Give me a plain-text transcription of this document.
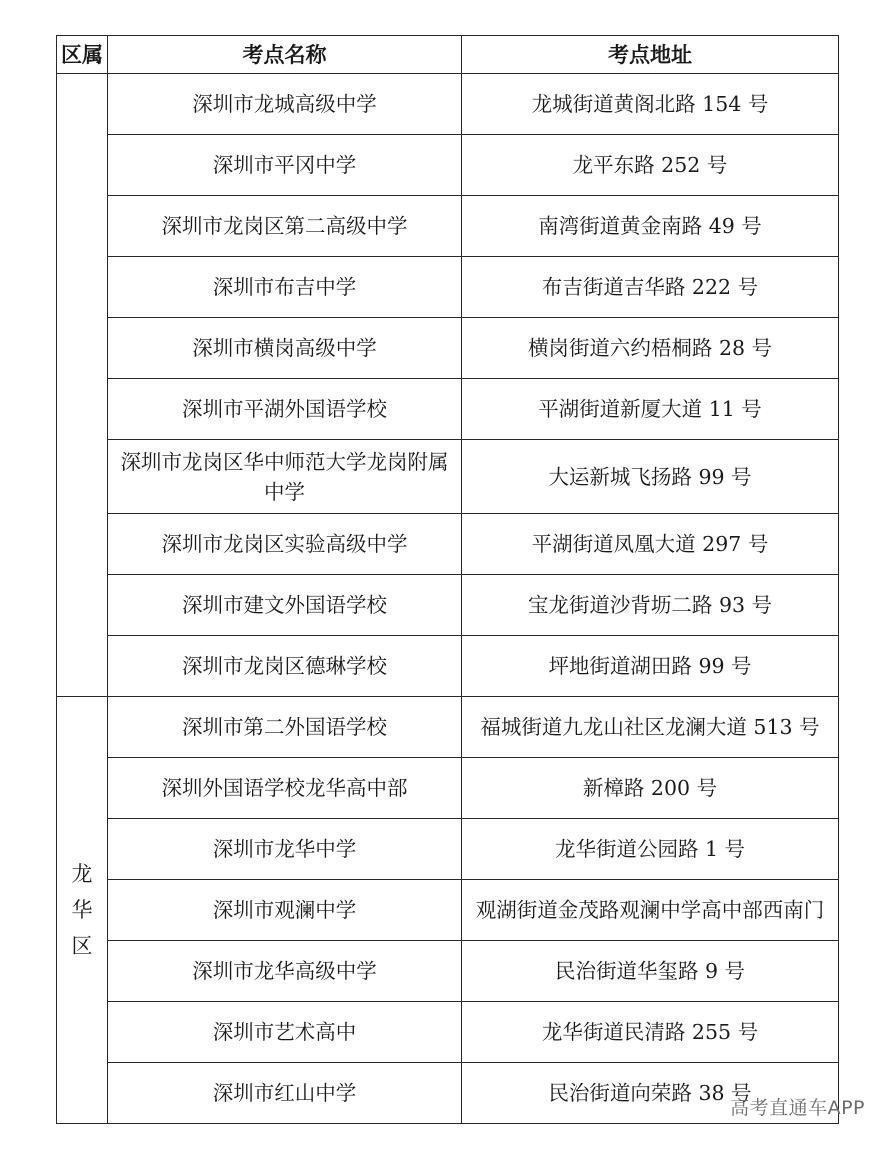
区属	考点名称	考点地址
	深圳市龙城高级中学	龙城街道黄阁北路 154 号
	深圳市平冈中学	龙平东路 252 号
	深圳市龙岗区第二高级中学	南湾街道黄金南路 49 号
	深圳市布吉中学	布吉街道吉华路 222 号
	深圳市横岗高级中学	横岗街道六约梧桐路 28 号
	深圳市平湖外国语学校	平湖街道新厦大道 11 号
	深圳市龙岗区华中师范大学龙岗附属中学	大运新城飞扬路 99 号
	深圳市龙岗区实验高级中学	平湖街道凤凰大道 297 号
	深圳市建文外国语学校	宝龙街道沙背坜二路 93 号
	深圳市龙岗区德琳学校	坪地街道湖田路 99 号
龙华区	深圳市第二外国语学校	福城街道九龙山社区龙澜大道 513 号
	深圳外国语学校龙华高中部	新樟路 200 号
	深圳市龙华中学	龙华街道公园路 1 号
	深圳市观澜中学	观湖街道金茂路观澜中学高中部西南门
	深圳市龙华高级中学	民治街道华玺路 9 号
	深圳市艺术高中	龙华街道民清路 255 号
	深圳市红山中学	民治街道向荣路 38 号
高考直通车APP
